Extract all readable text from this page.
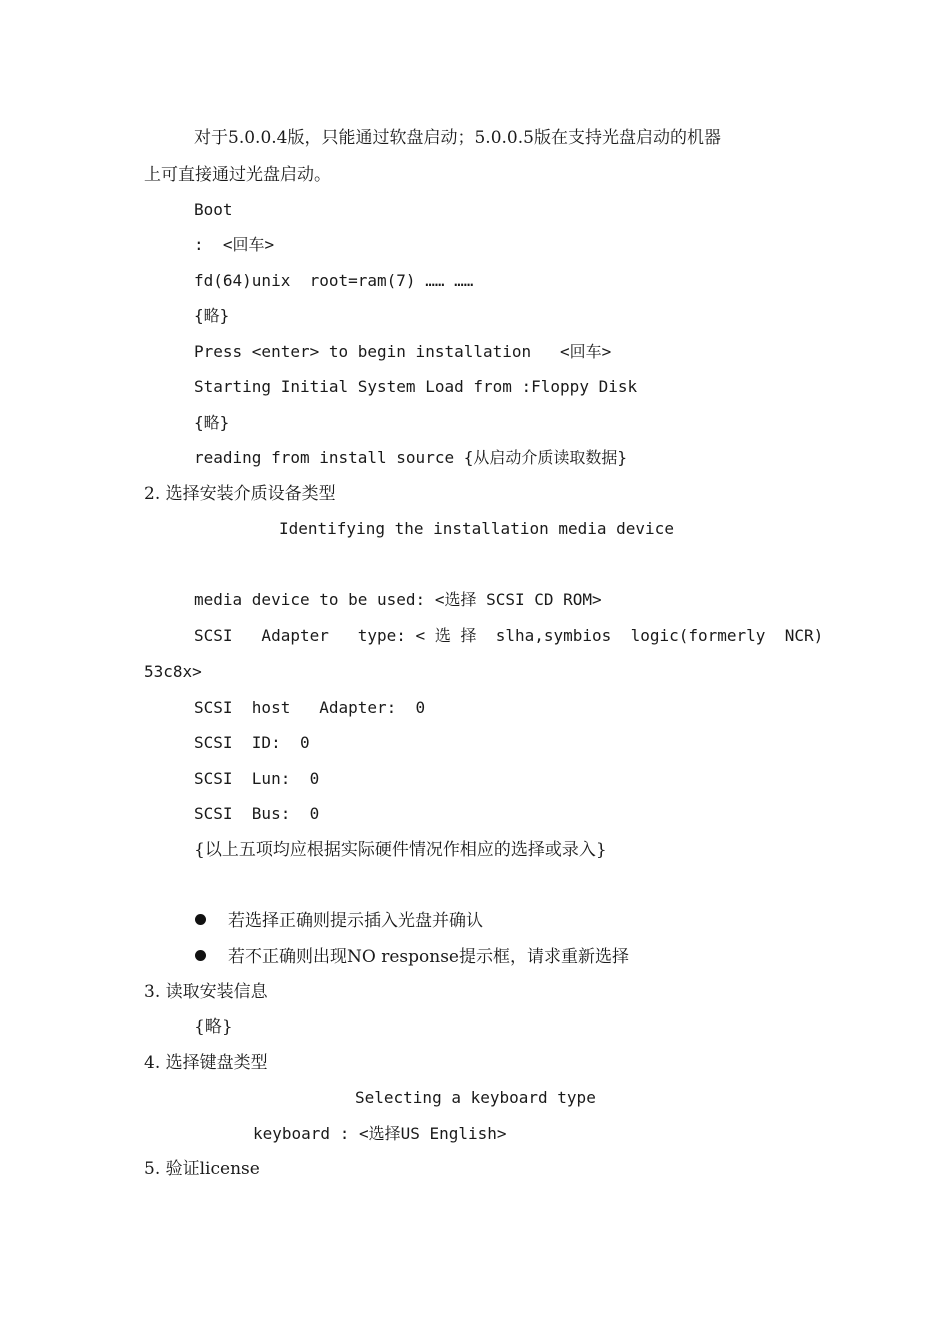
对于5.0.0.4版，只能通过软盘启动；5.0.0.5版在支持光盘启动的机器
上可直接通过光盘启动。
Boot
:  <回车>
fd(64)unix  root=ram(7) …… ……
{略}
Press <enter> to begin installation   <回车>
Starting Initial System Load from :Floppy Disk
{略}
reading from install source {从启动介质读取数据}
2. 选择安装介质设备类型
Identifying the installation media device
media device to be used: <选择 SCSI CD ROM>
SCSI   Adapter   type: < 选 择  slha,symbios  logic(formerly  NCR)
53c8x>
SCSI  host   Adapter:  0
SCSI  ID:  0
SCSI  Lun:  0
SCSI  Bus:  0
{以上五项均应根据实际硬件情况作相应的选择或录入}
若选择正确则提示插入光盘并确认
若不正确则出现NO response提示框，请求重新选择
3. 读取安装信息
{略}
4. 选择键盘类型
Selecting a keyboard type
keyboard : <选择US English>
5. 验证license
